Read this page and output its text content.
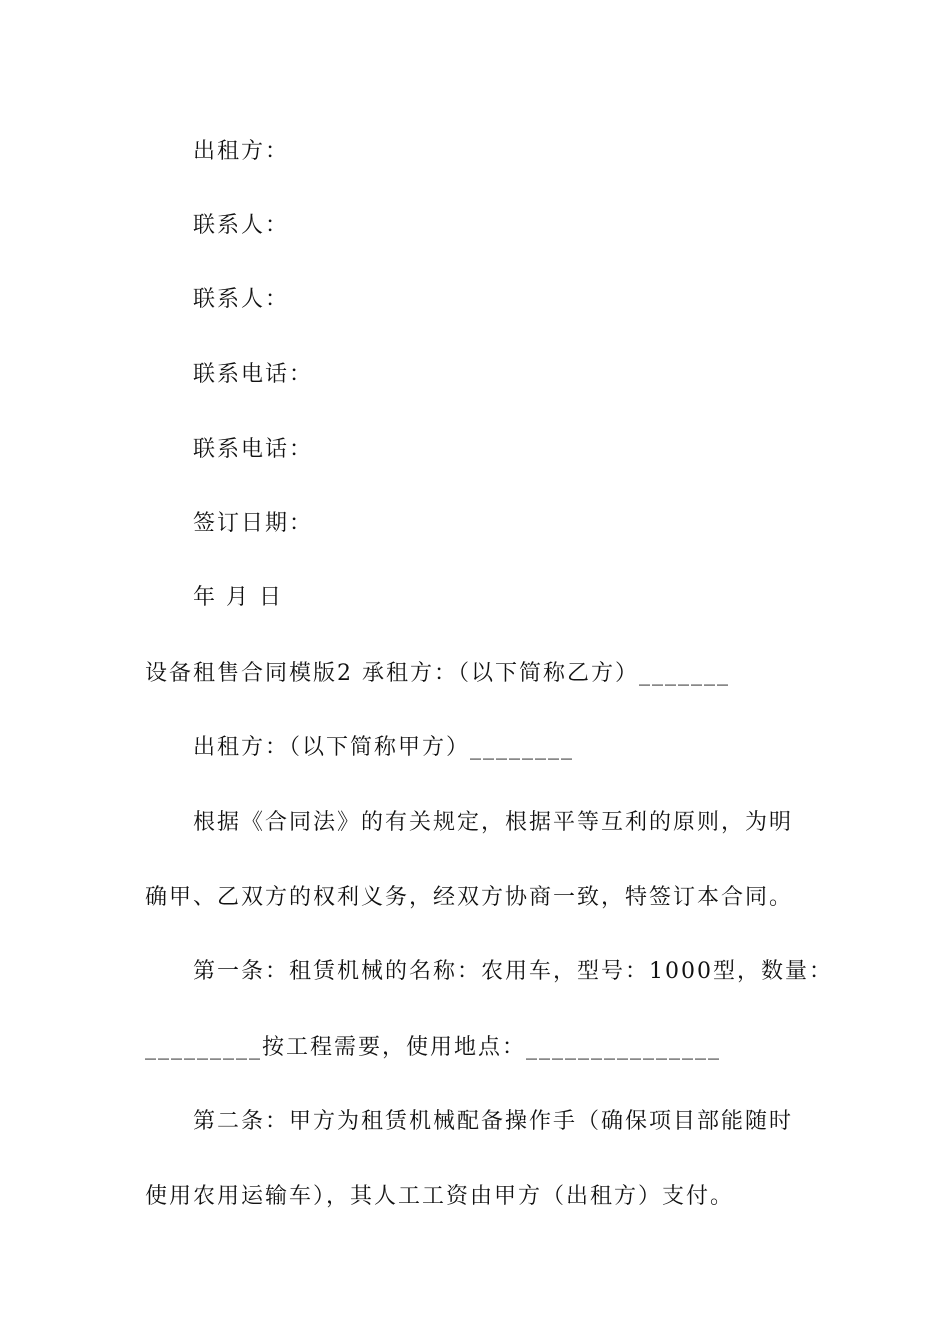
出租方：
联系人：
联系人：
联系电话：
联系电话：
签订日期：
年 月 日
设备租售合同模版2 承租方：（以下简称乙方）_______
出租方：（以下简称甲方）________
根据《合同法》的有关规定，根据平等互利的原则，为明
确甲、乙双方的权利义务，经双方协商一致，特签订本合同。
第一条：租赁机械的名称：农用车，型号：1000型，数量：
_________按工程需要，使用地点：_______________
第二条：甲方为租赁机械配备操作手（确保项目部能随时
使用农用运输车），其人工工资由甲方（出租方）支付。
